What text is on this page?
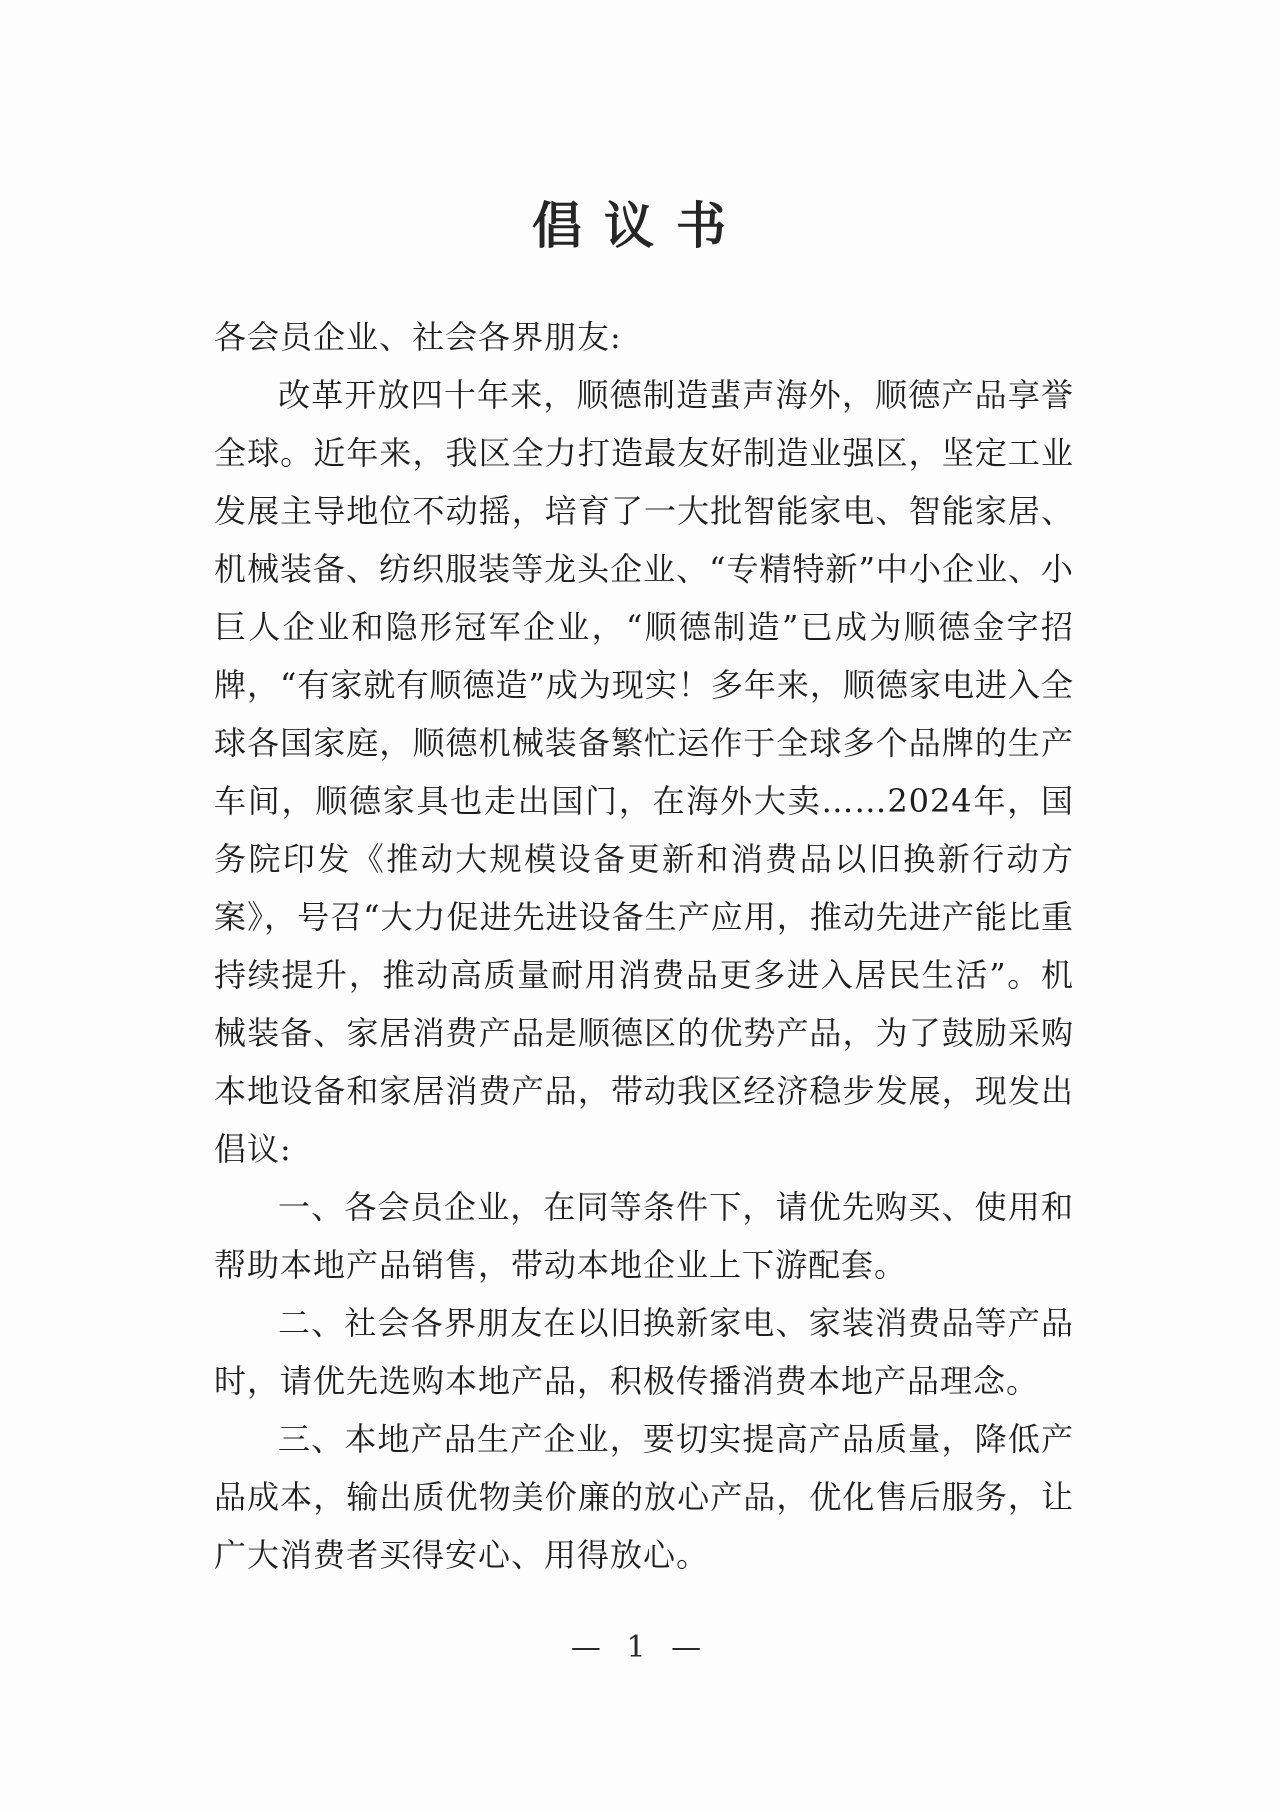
倡议书

各会员企业、社会各界朋友:

改革开放四十年来，顺德制造蜚声海外，顺德产品享誉全球。近年来，我区全力打造最友好制造业强区，坚定工业发展主导地位不动摇，培育了一大批智能家电、智能家居、机械装备、纺织服装等龙头企业、“专精特新”中小企业、小巨人企业和隐形冠军企业，“顺德制造”已成为顺德金字招牌，“有家就有顺德造”成为现实！多年来，顺德家电进入全球各国家庭，顺德机械装备繁忙运作于全球多个品牌的生产车间，顺德家具也走出国门，在海外大卖……2024年，国务院印发《推动大规模设备更新和消费品以旧换新行动方案》，号召“大力促进先进设备生产应用，推动先进产能比重持续提升，推动高质量耐用消费品更多进入居民生活”。机械装备、家居消费产品是顺德区的优势产品，为了鼓励采购本地设备和家居消费产品，带动我区经济稳步发展，现发出倡议:

一、各会员企业，在同等条件下，请优先购买、使用和帮助本地产品销售，带动本地企业上下游配套。

二、社会各界朋友在以旧换新家电、家装消费品等产品时，请优先选购本地产品，积极传播消费本地产品理念。

三、本地产品生产企业，要切实提高产品质量，降低产品成本，输出质优物美价廉的放心产品，优化售后服务，让广大消费者买得安心、用得放心。

— 1 —
